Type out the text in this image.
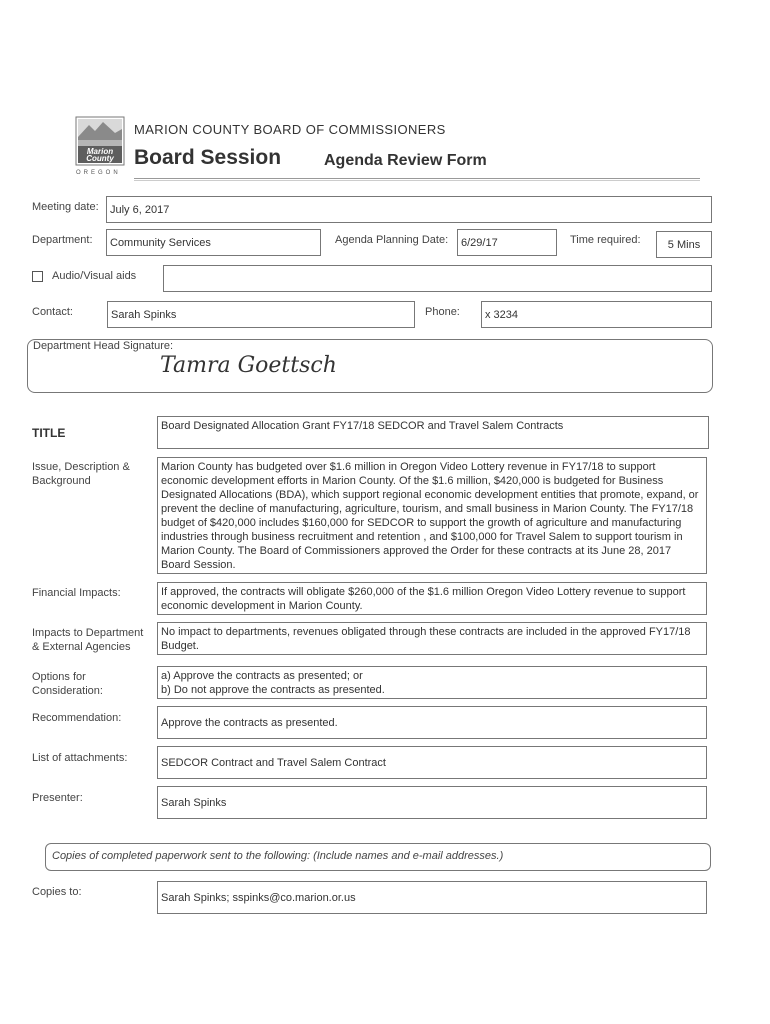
Marion
County
OREGON
MARION COUNTY BOARD OF COMMISSIONERS
Board Session	Agenda Review Form
Meeting date:	July 6, 2017
Department:	Community Services	Agenda Planning Date:	6/29/17	Time required:	5 Mins
Audio/Visual aids
Contact:	Sarah Spinks	Phone:	x 3234
Department Head Signature:
Tamra Goettsch
TITLE	Board Designated Allocation Grant FY17/18 SEDCOR and Travel Salem Contracts
Issue, Description &
Background
Marion County has budgeted over $1.6 million in Oregon Video Lottery revenue in FY17/18 to support economic development efforts in Marion County. Of the $1.6 million, $420,000 is budgeted for Business Designated Allocations (BDA), which support regional economic development entities that promote, expand, or prevent the decline of manufacturing, agriculture, tourism, and small business in Marion County. The FY17/18 budget of $420,000 includes $160,000 for SEDCOR to support the growth of agriculture and manufacturing industries through business recruitment and retention , and $100,000 for Travel Salem to support tourism in Marion County. The Board of Commissioners approved the Order for these contracts at its June 28, 2017 Board Session.
Financial Impacts:	If approved, the contracts will obligate $260,000 of the $1.6 million Oregon Video Lottery revenue to support economic development in Marion County.
Impacts to Department
& External Agencies
No impact to departments, revenues obligated through these contracts are included in the approved FY17/18 Budget.
Options for
Consideration:
a) Approve the contracts as presented; or
b) Do not approve the contracts as presented.
Recommendation:	Approve the contracts as presented.
List of attachments:	SEDCOR Contract and Travel Salem Contract
Presenter:	Sarah Spinks
Copies of completed paperwork sent to the following: (Include names and e-mail addresses.)
Copies to:	Sarah Spinks; sspinks@co.marion.or.us
